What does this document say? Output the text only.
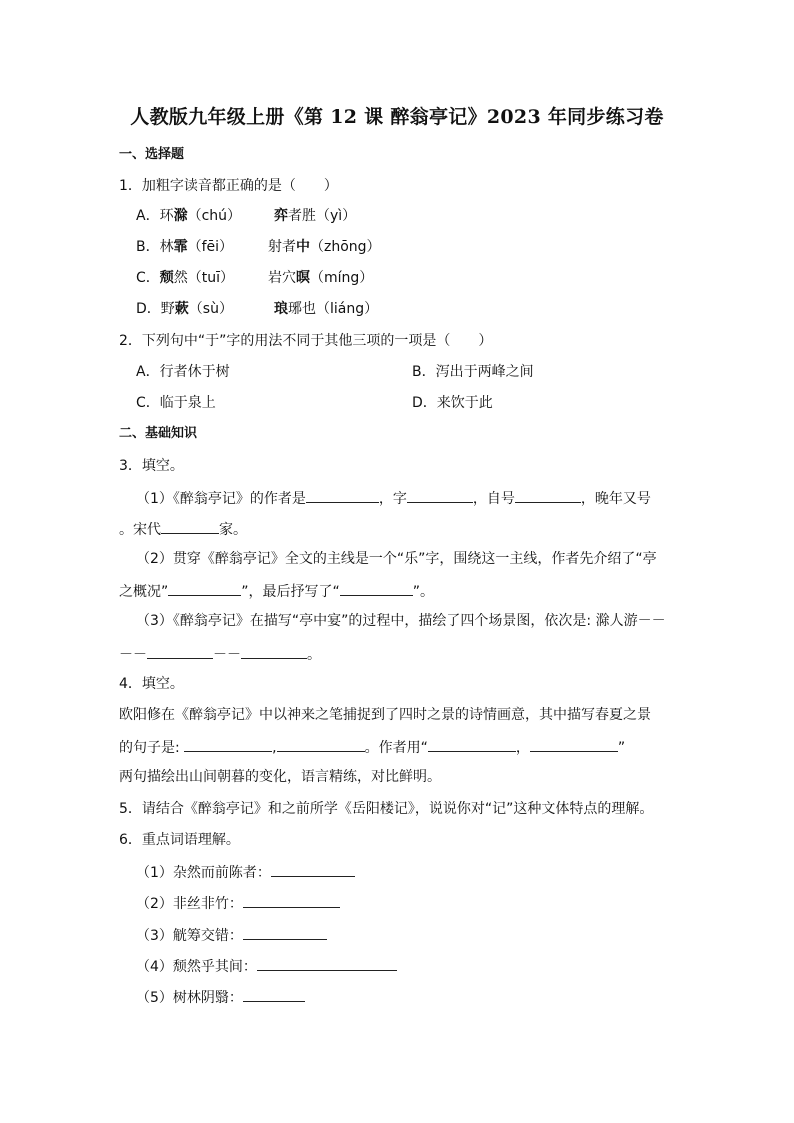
人教版九年级上册《第 12 课 醉翁亭记》2023 年同步练习卷
一、选择题
1．加粗字读音都正确的是（　　）
A．环滁（chú） 弈者胜（yì）
B．林霏（fēi） 射者中（zhōng）
C．颓然（tuī） 岩穴暝（míng）
D．野蔌（sù）	琅琊也（liáng）
2．下列句中“于”字的用法不同于其他三项的一项是（　　）
A．行者休于树	B．泻出于两峰之间
C．临于泉上	D．来饮于此
二、基础知识
3．填空。
（1）《醉翁亭记》的作者是	，字	，自号	，晚年又号
。宋代	家。
（2）贯穿《醉翁亭记》全文的主线是一个“乐”字，围绕这一主线，作者先介绍了“亭
之概况”	”，最后抒写了“	”。
（3）《醉翁亭记》在描写“亭中宴”的过程中，描绘了四个场景图，依次是: 滁人游－－
－－	－－	。
4．填空。
欧阳修在《醉翁亭记》中以神来之笔捕捉到了四时之景的诗情画意，其中描写春夏之景
的句子是:	,	。作者用“	，	”
两句描绘出山间朝暮的变化，语言精练，对比鲜明。
5．请结合《醉翁亭记》和之前所学《岳阳楼记》，说说你对“记”这种文体特点的理解。
6．重点词语理解。
（1）杂然而前陈者：
（2）非丝非竹：
（3）觥筹交错：
（4）颓然乎其间：
（5）树林阴翳：
